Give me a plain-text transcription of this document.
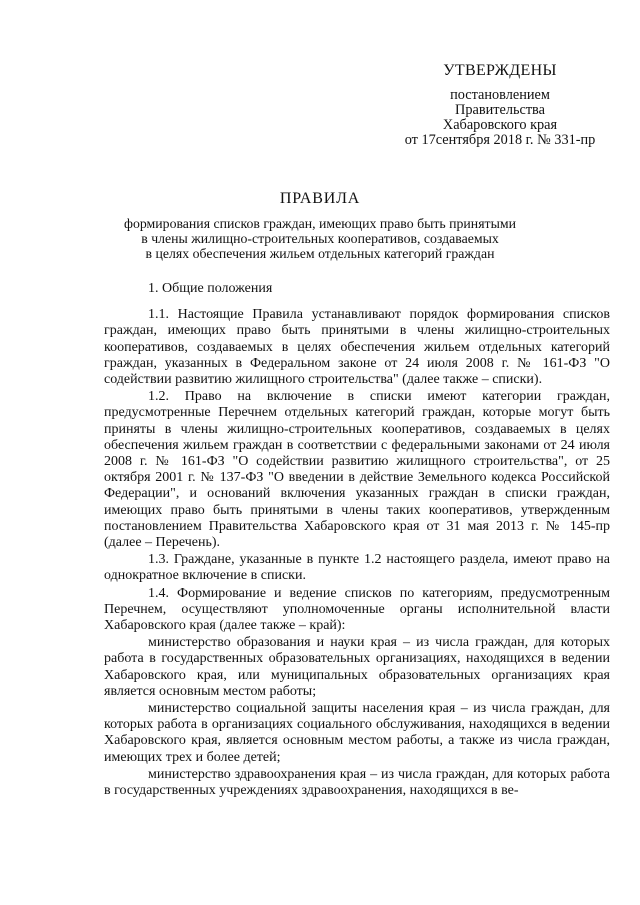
УТВЕРЖДЕНЫ
постановлением
Правительства
Хабаровского края
от 17сентября 2018 г. № 331-пр
ПРАВИЛА
формирования списков граждан, имеющих право быть принятыми
в члены жилищно-строительных кооперативов, создаваемых
в целях обеспечения жильем отдельных категорий граждан
1. Общие положения

1.1. Настоящие Правила устанавливают порядок формирования списков граждан, имеющих право быть принятыми в члены жилищно-строительных кооперативов, создаваемых в целях обеспечения жильем отдельных категорий граждан, указанных в Федеральном законе от 24 июля 2008 г. № 161-ФЗ "О содействии развитию жилищного строительства" (далее также – списки).

1.2. Право на включение в списки имеют категории граждан, предусмотренные Перечнем отдельных категорий граждан, которые могут быть приняты в члены жилищно-строительных кооперативов, создаваемых в целях обеспечения жильем граждан в соответствии с федеральными законами от 24 июля 2008 г. № 161-ФЗ "О содействии развитию жилищного строительства", от 25 октября 2001 г. № 137-ФЗ "О введении в действие Земельного кодекса Российской Федерации", и оснований включения указанных граждан в списки граждан, имеющих право быть принятыми в члены таких кооперативов, утвержденным постановлением Правительства Хабаровского края от 31 мая 2013 г. № 145-пр (далее – Перечень).

1.3. Граждане, указанные в пункте 1.2 настоящего раздела, имеют право на однократное включение в списки.

1.4. Формирование и ведение списков по категориям, предусмотренным Перечнем, осуществляют уполномоченные органы исполнительной власти Хабаровского края (далее также – край):

министерство образования и науки края – из числа граждан, для которых работа в государственных образовательных организациях, находящихся в ведении Хабаровского края, или муниципальных образовательных организациях края является основным местом работы;

министерство социальной защиты населения края – из числа граждан, для которых работа в организациях социального обслуживания, находящихся в ведении Хабаровского края, является основным местом работы, а также из числа граждан, имеющих трех и более детей;

министерство здравоохранения края – из числа граждан, для которых работа в государственных учреждениях здравоохранения, находящихся в ве-
